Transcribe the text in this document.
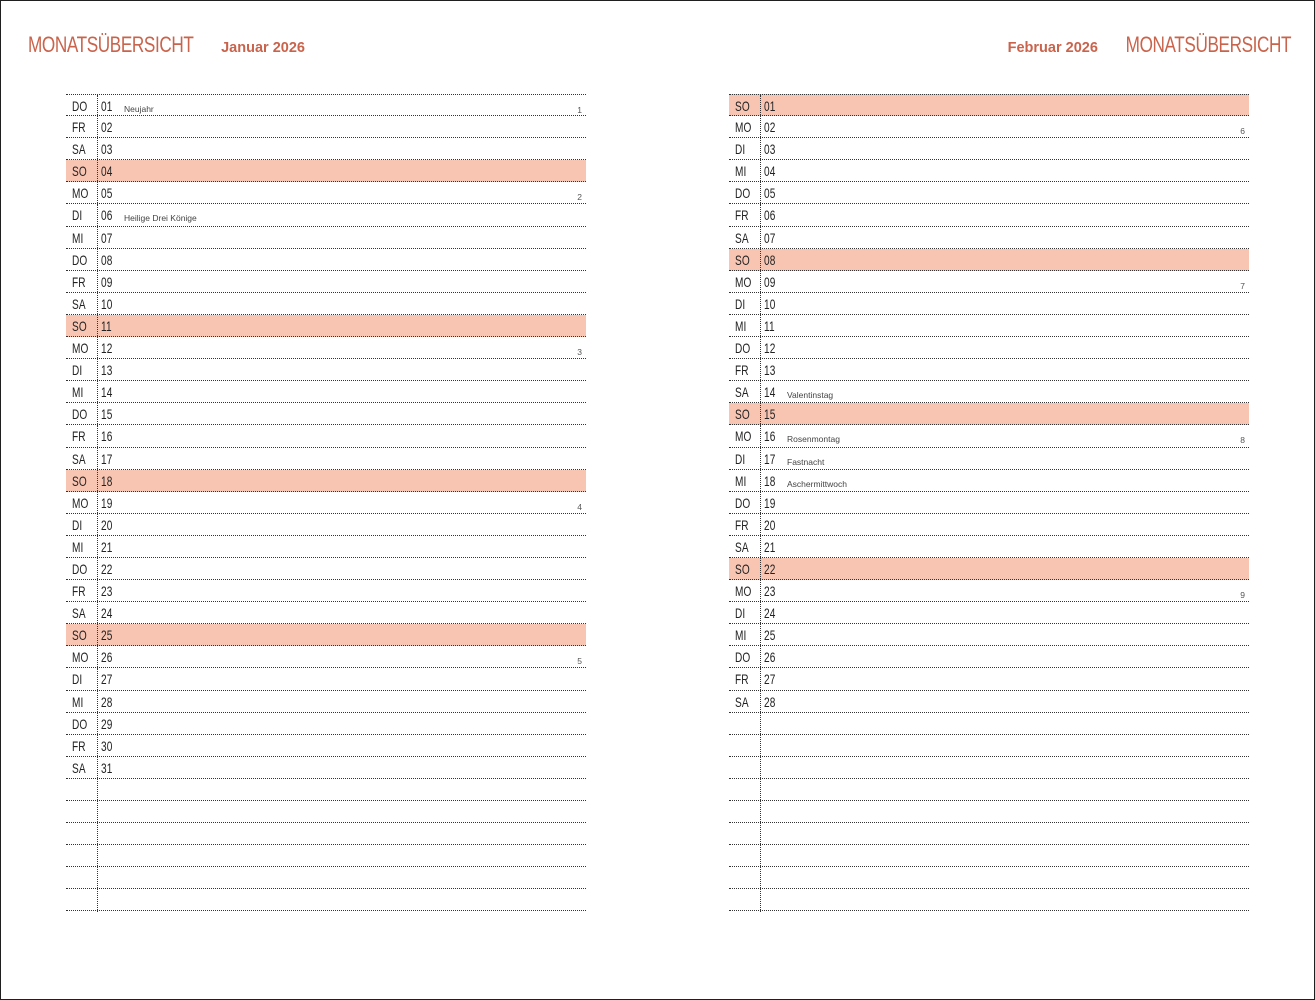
MONATSÜBERSICHT Januar 2026
DO 01 Neujahr	1
FR 02
SA 03
SO 04
MO 05	2
DI 06 Heilige Drei Könige
MI 07
DO 08
FR 09
SA 10
SO 11
MO 12	3
DI 13
MI 14
DO 15
FR 16
SA 17
SO 18
MO 19	4
DI 20
MI 21
DO 22
FR 23
SA 24
SO 25
MO 26	5
DI 27
MI 28
DO 29
FR 30
SA 31
Februar 2026 MONATSÜBERSICHT
SO 01
MO 02	6
DI 03
MI 04
DO 05
FR 06
SA 07
SO 08
MO 09	7
DI 10
MI 11
DO 12
FR 13
SA 14 Valentinstag
SO 15
MO 16 Rosenmontag	8
DI 17 Fastnacht
MI 18 Aschermittwoch
DO 19
FR 20
SA 21
SO 22
MO 23	9
DI 24
MI 25
DO 26
FR 27
SA 28
